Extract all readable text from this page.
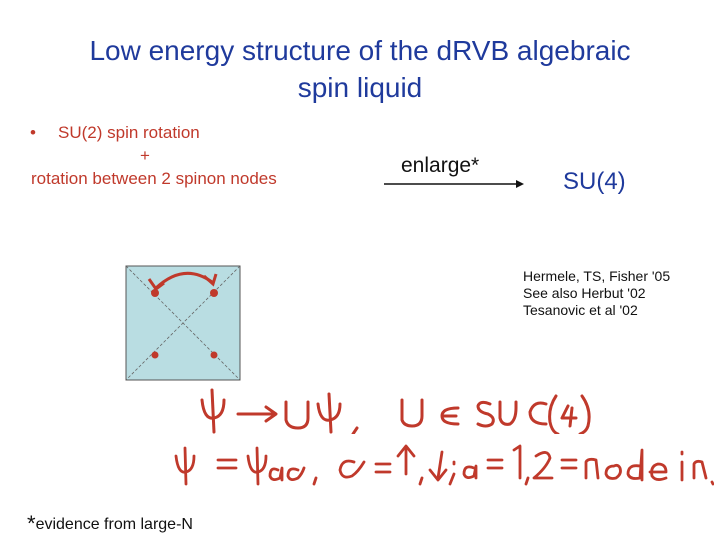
Low energy structure of the dRVB algebraic
spin liquid
• SU(2) spin rotation
+
rotation between 2 spinon nodes
enlarge*
SU(4)
Hermele, TS, Fisher '05
See also Herbut '02
Tesanovic et al '02
*evidence from large-N
